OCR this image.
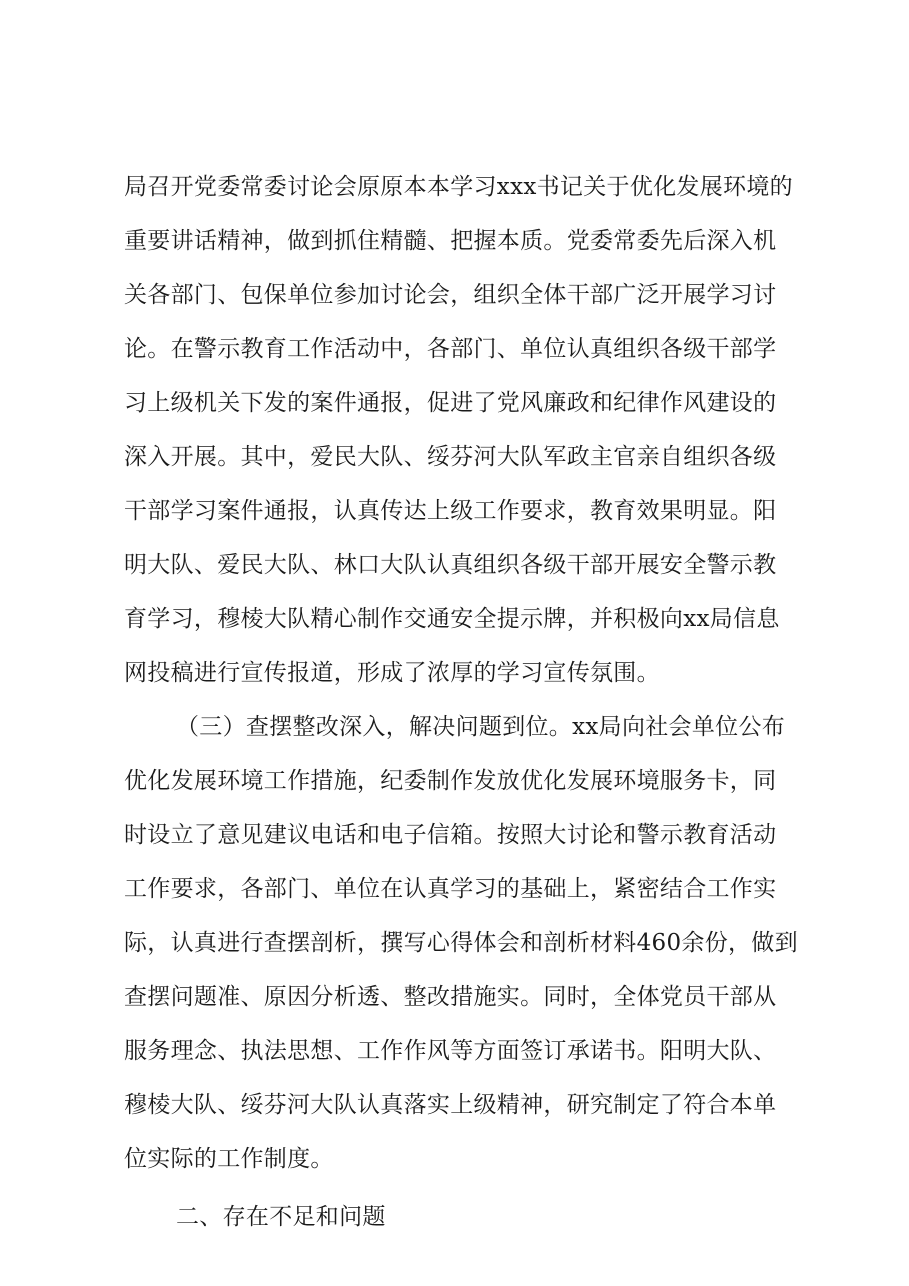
局召开党委常委讨论会原原本本学习xxx书记关于优化发展环境的
重要讲话精神，做到抓住精髓、把握本质。党委常委先后深入机
关各部门、包保单位参加讨论会，组织全体干部广泛开展学习讨
论。在警示教育工作活动中，各部门、单位认真组织各级干部学
习上级机关下发的案件通报，促进了党风廉政和纪律作风建设的
深入开展。其中，爱民大队、绥芬河大队军政主官亲自组织各级
干部学习案件通报，认真传达上级工作要求，教育效果明显。阳
明大队、爱民大队、林口大队认真组织各级干部开展安全警示教
育学习，穆棱大队精心制作交通安全提示牌，并积极向xx局信息
网投稿进行宣传报道，形成了浓厚的学习宣传氛围。
（三）查摆整改深入，解决问题到位。xx局向社会单位公布
优化发展环境工作措施，纪委制作发放优化发展环境服务卡，同
时设立了意见建议电话和电子信箱。按照大讨论和警示教育活动
工作要求，各部门、单位在认真学习的基础上，紧密结合工作实
际，认真进行查摆剖析，撰写心得体会和剖析材料460余份，做到
查摆问题准、原因分析透、整改措施实。同时，全体党员干部从
服务理念、执法思想、工作作风等方面签订承诺书。阳明大队、
穆棱大队、绥芬河大队认真落实上级精神，研究制定了符合本单
位实际的工作制度。
二、存在不足和问题
